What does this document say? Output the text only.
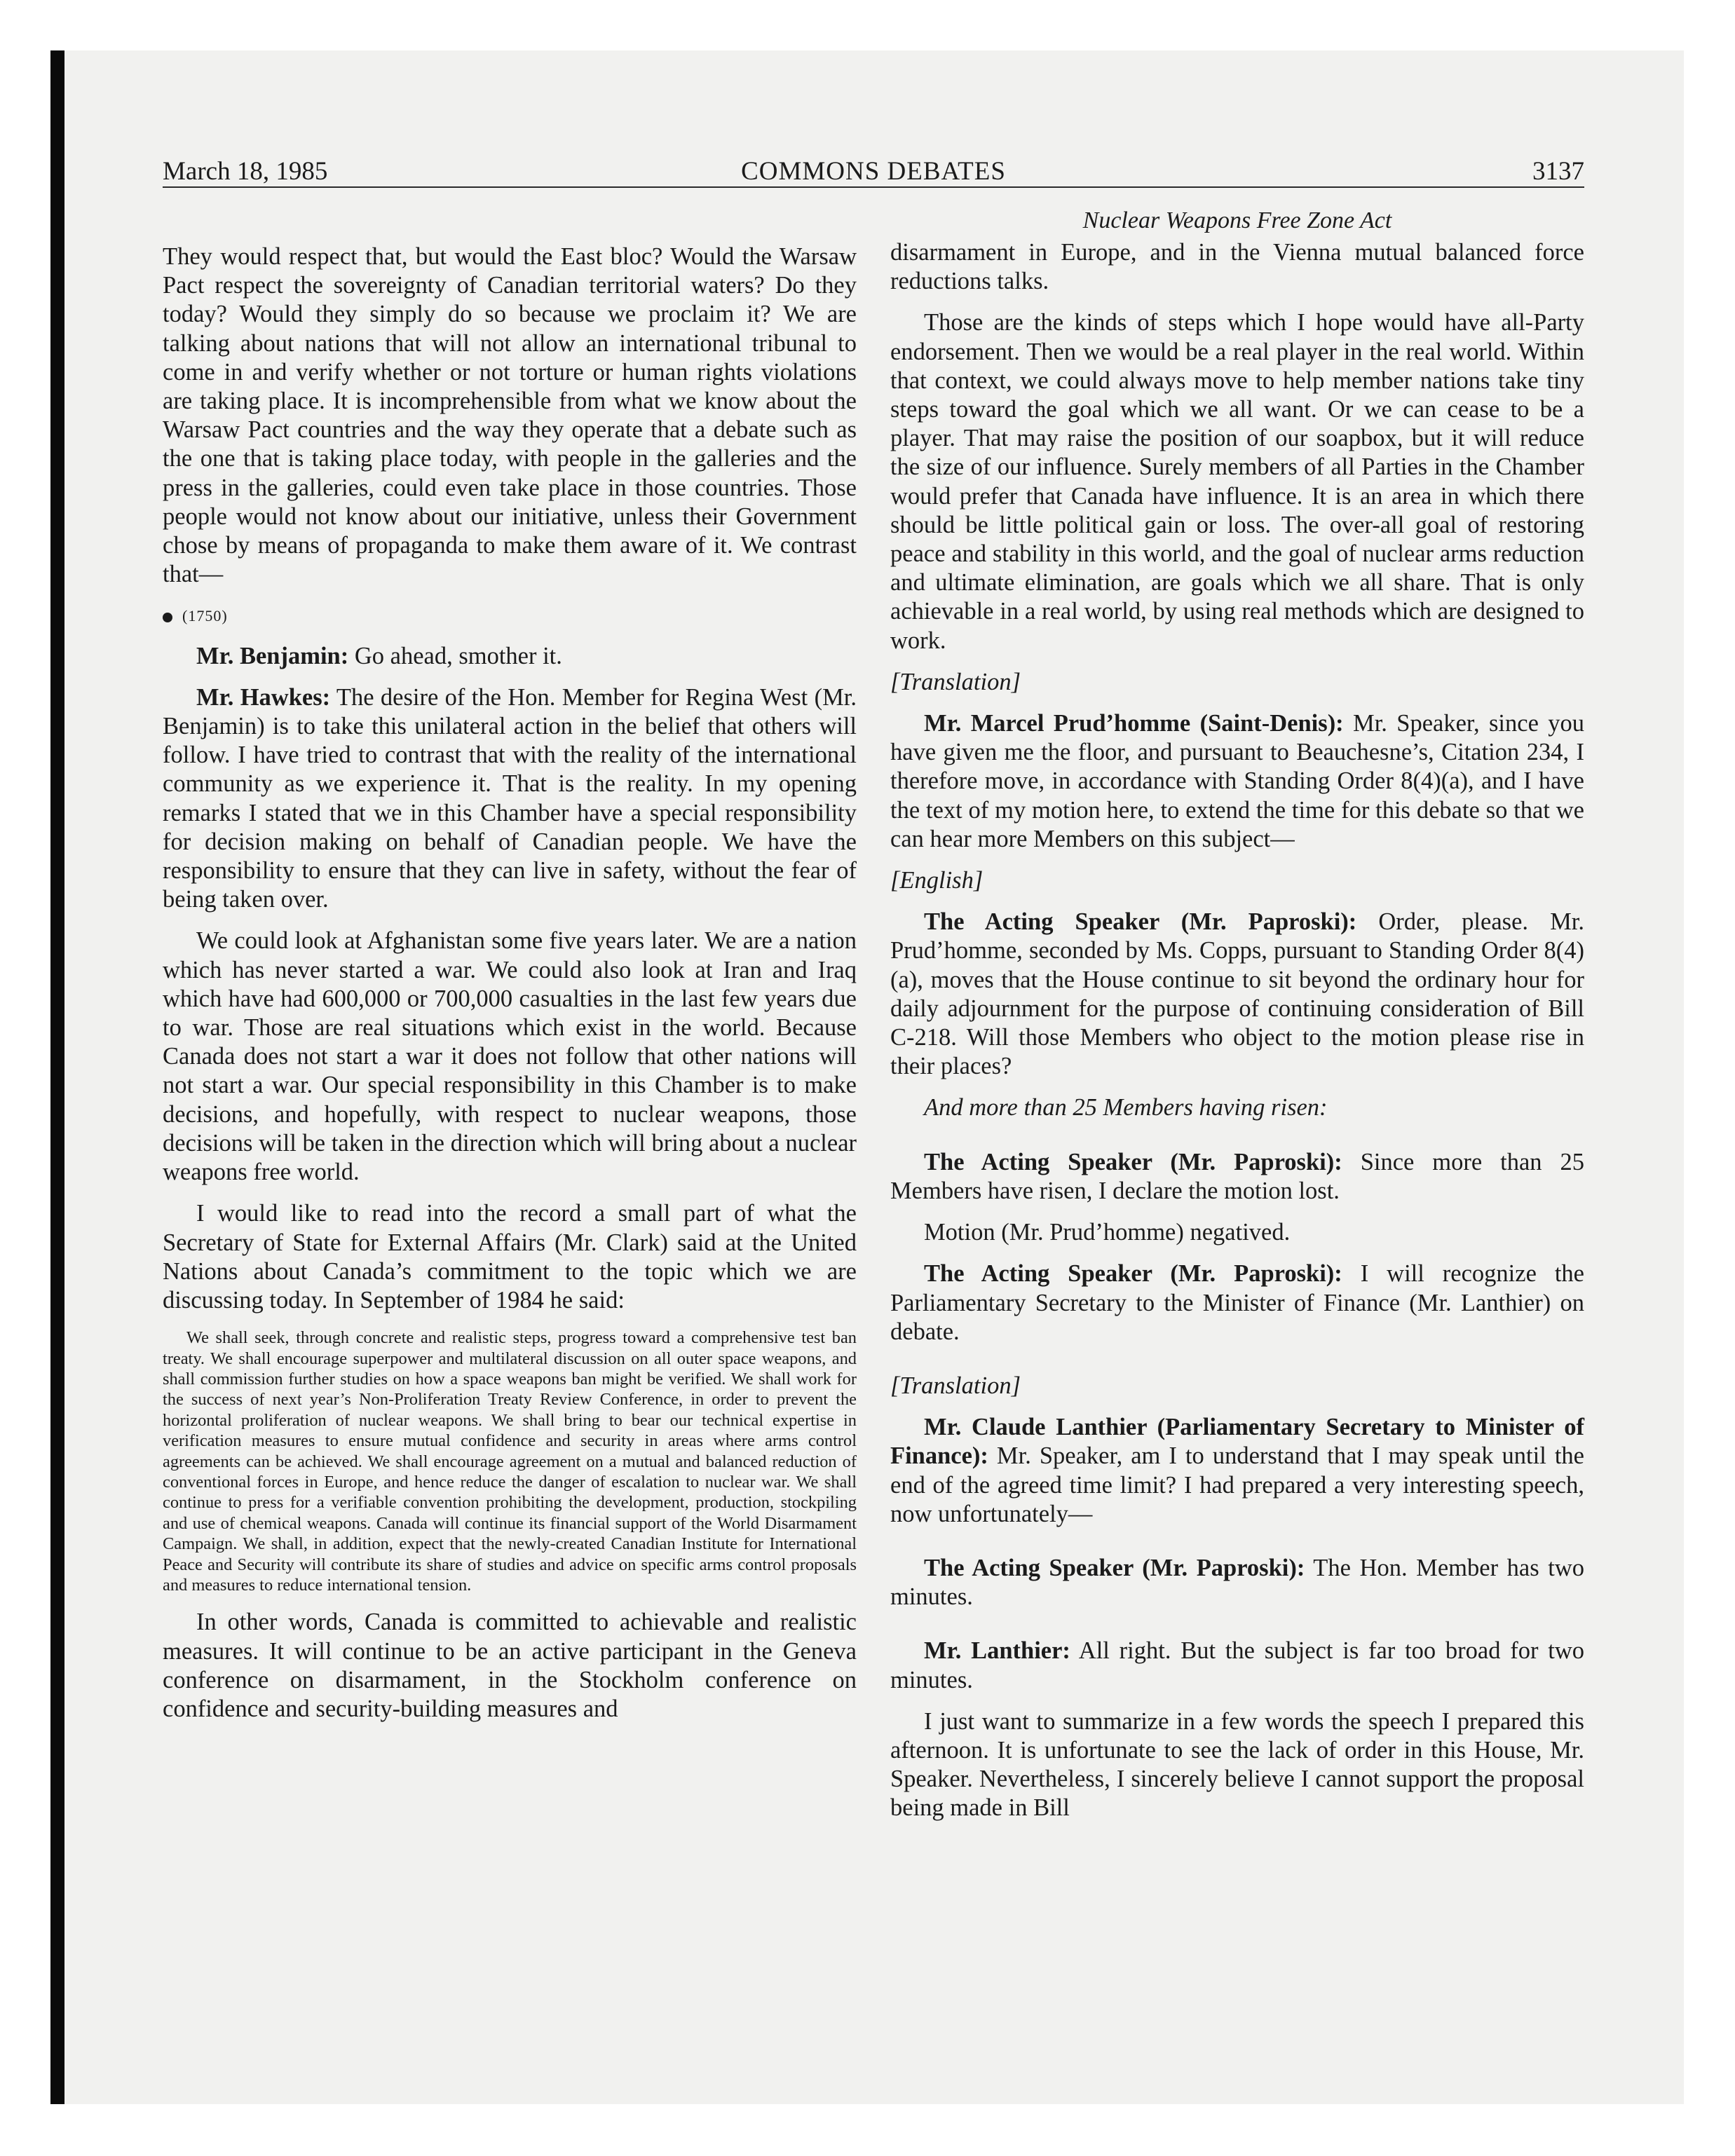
March 18, 1985	COMMONS DEBATES	3137
Nuclear Weapons Free Zone Act

They would respect that, but would the East bloc? Would the Warsaw Pact respect the sovereignty of Canadian territorial waters? Do they today? Would they simply do so because we proclaim it? We are talking about nations that will not allow an international tribunal to come in and verify whether or not torture or human rights violations are taking place. It is incomprehensible from what we know about the Warsaw Pact countries and the way they operate that a debate such as the one that is taking place today, with people in the galleries and the press in the galleries, could even take place in those countries. Those people would not know about our initiative, unless their Government chose by means of propaganda to make them aware of it. We contrast that—

(1750)

Mr. Benjamin: Go ahead, smother it.

Mr. Hawkes: The desire of the Hon. Member for Regina West (Mr. Benjamin) is to take this unilateral action in the belief that others will follow. I have tried to contrast that with the reality of the international community as we experience it. That is the reality. In my opening remarks I stated that we in this Chamber have a special responsibility for decision making on behalf of Canadian people. We have the responsibility to ensure that they can live in safety, without the fear of being taken over.

We could look at Afghanistan some five years later. We are a nation which has never started a war. We could also look at Iran and Iraq which have had 600,000 or 700,000 casualties in the last few years due to war. Those are real situations which exist in the world. Because Canada does not start a war it does not follow that other nations will not start a war. Our special responsibility in this Chamber is to make decisions, and hopefully, with respect to nuclear weapons, those decisions will be taken in the direction which will bring about a nuclear weapons free world.

I would like to read into the record a small part of what the Secretary of State for External Affairs (Mr. Clark) said at the United Nations about Canada’s commitment to the topic which we are discussing today. In September of 1984 he said:

We shall seek, through concrete and realistic steps, progress toward a comprehensive test ban treaty. We shall encourage superpower and multilateral discussion on all outer space weapons, and shall commission further studies on how a space weapons ban might be verified. We shall work for the success of next year’s Non-Proliferation Treaty Review Conference, in order to prevent the horizontal proliferation of nuclear weapons. We shall bring to bear our technical expertise in verification measures to ensure mutual confidence and security in areas where arms control agreements can be achieved. We shall encourage agreement on a mutual and balanced reduction of conventional forces in Europe, and hence reduce the danger of escalation to nuclear war. We shall continue to press for a verifiable convention prohibiting the development, production, stockpiling and use of chemical weapons. Canada will continue its financial support of the World Disarmament Campaign. We shall, in addition, expect that the newly-created Canadian Institute for International Peace and Security will contribute its share of studies and advice on specific arms control proposals and measures to reduce international tension.

In other words, Canada is committed to achievable and realistic measures. It will continue to be an active participant in the Geneva conference on disarmament, in the Stockholm conference on confidence and security-building measures and

disarmament in Europe, and in the Vienna mutual balanced force reductions talks.

Those are the kinds of steps which I hope would have all-Party endorsement. Then we would be a real player in the real world. Within that context, we could always move to help member nations take tiny steps toward the goal which we all want. Or we can cease to be a player. That may raise the position of our soapbox, but it will reduce the size of our influence. Surely members of all Parties in the Chamber would prefer that Canada have influence. It is an area in which there should be little political gain or loss. The over-all goal of restoring peace and stability in this world, and the goal of nuclear arms reduction and ultimate elimination, are goals which we all share. That is only achievable in a real world, by using real methods which are designed to work.

[Translation]

Mr. Marcel Prud’homme (Saint-Denis): Mr. Speaker, since you have given me the floor, and pursuant to Beauchesne’s, Citation 234, I therefore move, in accordance with Standing Order 8(4)(a), and I have the text of my motion here, to extend the time for this debate so that we can hear more Members on this subject—

[English]

The Acting Speaker (Mr. Paproski): Order, please. Mr. Prud’homme, seconded by Ms. Copps, pursuant to Standing Order 8(4)(a), moves that the House continue to sit beyond the ordinary hour for daily adjournment for the purpose of continuing consideration of Bill C-218. Will those Members who object to the motion please rise in their places?

And more than 25 Members having risen:

The Acting Speaker (Mr. Paproski): Since more than 25 Members have risen, I declare the motion lost.

Motion (Mr. Prud’homme) negatived.

The Acting Speaker (Mr. Paproski): I will recognize the Parliamentary Secretary to the Minister of Finance (Mr. Lanthier) on debate.

[Translation]

Mr. Claude Lanthier (Parliamentary Secretary to Minister of Finance): Mr. Speaker, am I to understand that I may speak until the end of the agreed time limit? I had prepared a very interesting speech, now unfortunately—

The Acting Speaker (Mr. Paproski): The Hon. Member has two minutes.

Mr. Lanthier: All right. But the subject is far too broad for two minutes.

I just want to summarize in a few words the speech I prepared this afternoon. It is unfortunate to see the lack of order in this House, Mr. Speaker. Nevertheless, I sincerely believe I cannot support the proposal being made in Bill
